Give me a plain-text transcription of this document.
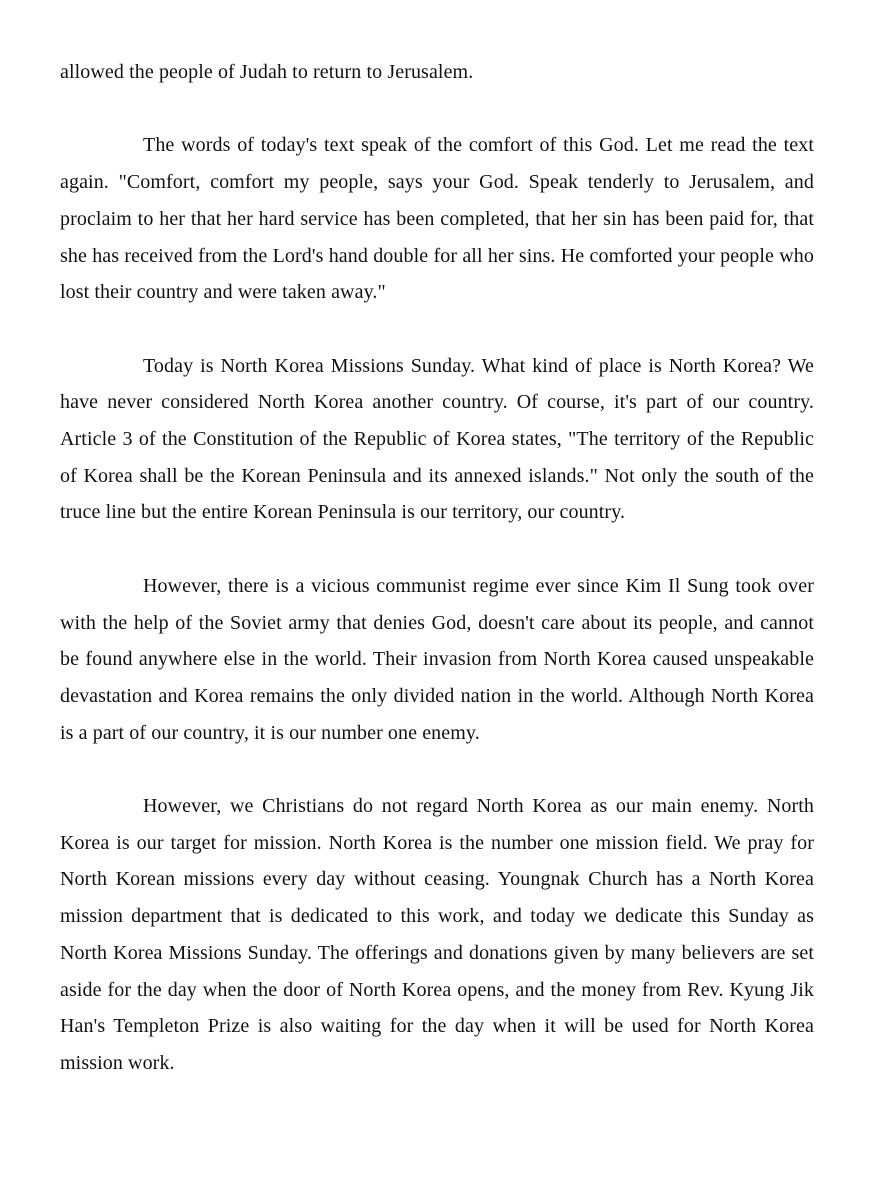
allowed the people of Judah to return to Jerusalem.

The words of today's text speak of the comfort of this God. Let me read the text again. "Comfort, comfort my people, says your God. Speak tenderly to Jerusalem, and proclaim to her that her hard service has been completed, that her sin has been paid for, that she has received from the Lord's hand double for all her sins. He comforted your people who lost their country and were taken away."

Today is North Korea Missions Sunday. What kind of place is North Korea? We have never considered North Korea another country. Of course, it's part of our country. Article 3 of the Constitution of the Republic of Korea states, "The territory of the Republic of Korea shall be the Korean Peninsula and its annexed islands." Not only the south of the truce line but the entire Korean Peninsula is our territory, our country.

However, there is a vicious communist regime ever since Kim Il Sung took over with the help of the Soviet army that denies God, doesn't care about its people, and cannot be found anywhere else in the world. Their invasion from North Korea caused unspeakable devastation and Korea remains the only divided nation in the world. Although North Korea is a part of our country, it is our number one enemy.

However, we Christians do not regard North Korea as our main enemy. North Korea is our target for mission. North Korea is the number one mission field. We pray for North Korean missions every day without ceasing. Youngnak Church has a North Korea mission department that is dedicated to this work, and today we dedicate this Sunday as North Korea Missions Sunday. The offerings and donations given by many believers are set aside for the day when the door of North Korea opens, and the money from Rev. Kyung Jik Han's Templeton Prize is also waiting for the day when it will be used for North Korea mission work.
